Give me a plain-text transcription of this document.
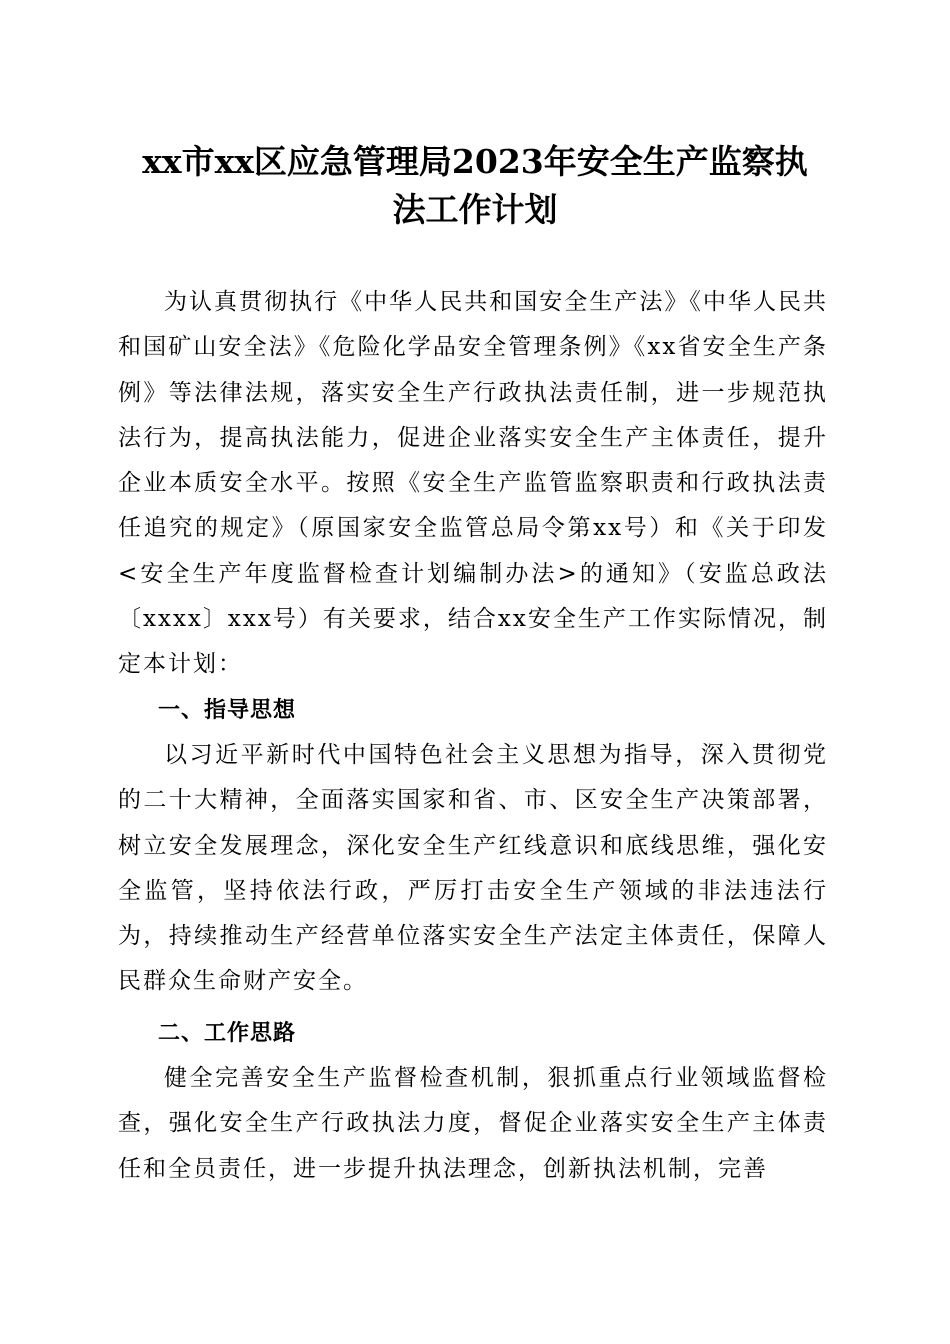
xx市xx区应急管理局2023年安全生产监察执
法工作计划

为认真贯彻执行《中华人民共和国安全生产法》《中华人民共和国矿山安全法》《危险化学品安全管理条例》《xx省安全生产条例》等法律法规，落实安全生产行政执法责任制，进一步规范执法行为，提高执法能力，促进企业落实安全生产主体责任，提升企业本质安全水平。按照《安全生产监管监察职责和行政执法责任追究的规定》（原国家安全监管总局令第xx号）和《关于印发<安全生产年度监督检查计划编制办法>的通知》（安监总政法〔xxxx〕xxx号）有关要求，结合xx安全生产工作实际情况，制定本计划：

一、指导思想

以习近平新时代中国特色社会主义思想为指导，深入贯彻党的二十大精神，全面落实国家和省、市、区安全生产决策部署，树立安全发展理念，深化安全生产红线意识和底线思维，强化安全监管，坚持依法行政，严厉打击安全生产领域的非法违法行为，持续推动生产经营单位落实安全生产法定主体责任，保障人民群众生命财产安全。

二、工作思路

健全完善安全生产监督检查机制，狠抓重点行业领域监督检查，强化安全生产行政执法力度，督促企业落实安全生产主体责任和全员责任，进一步提升执法理念，创新执法机制，完善
